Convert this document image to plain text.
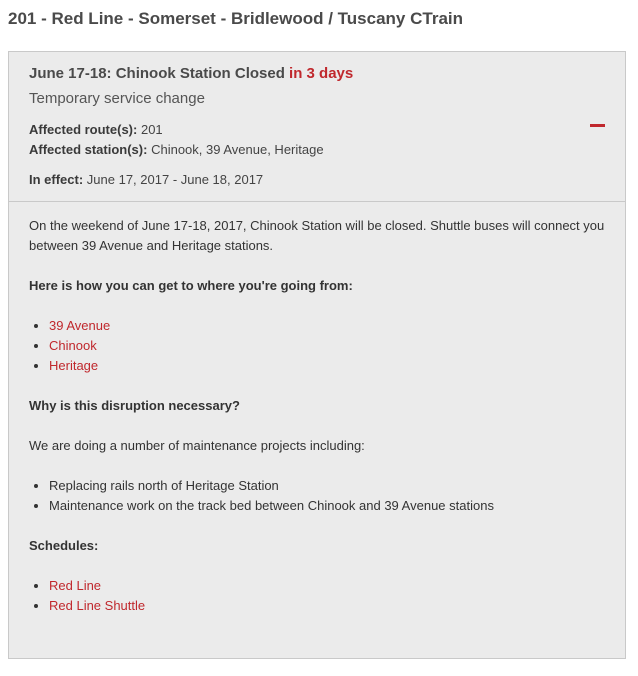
201 - Red Line - Somerset - Bridlewood / Tuscany CTrain
June 17-18: Chinook Station Closed in 3 days
Temporary service change
Affected route(s): 201
Affected station(s): Chinook, 39 Avenue, Heritage
In effect: June 17, 2017 - June 18, 2017

On the weekend of June 17-18, 2017, Chinook Station will be closed. Shuttle buses will connect you between 39 Avenue and Heritage stations.

Here is how you can get to where you're going from:

• 39 Avenue
• Chinook
• Heritage

Why is this disruption necessary?

We are doing a number of maintenance projects including:

• Replacing rails north of Heritage Station
• Maintenance work on the track bed between Chinook and 39 Avenue stations

Schedules:

• Red Line
• Red Line Shuttle
